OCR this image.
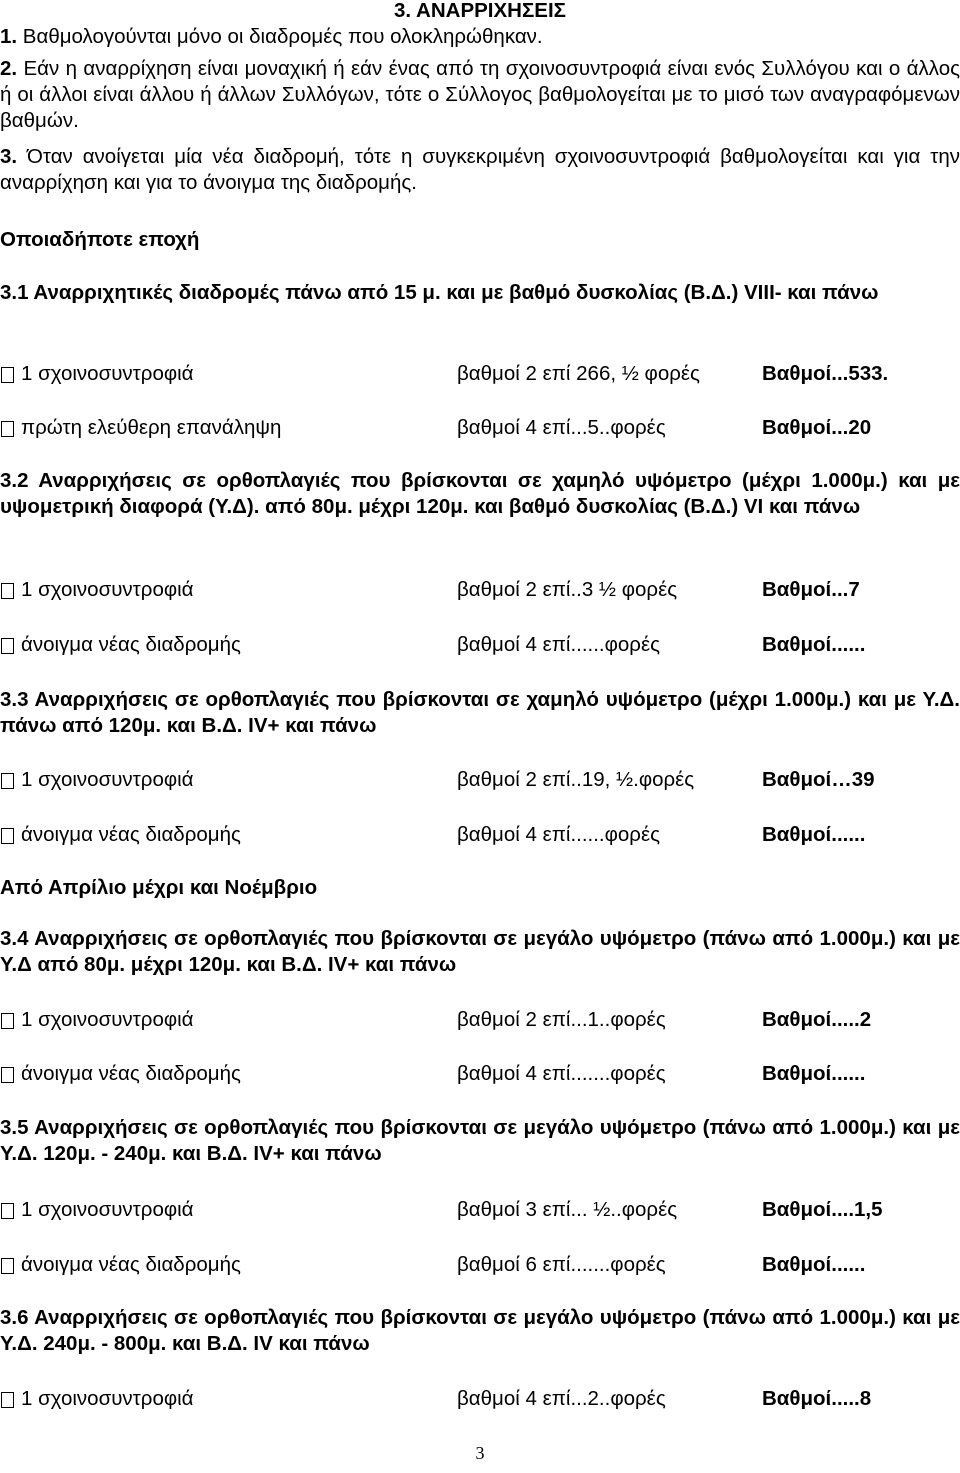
3. ΑΝΑΡΡΙΧΗΣΕΙΣ
1. Βαθμολογούνται μόνο οι διαδρομές που ολοκληρώθηκαν.
2. Εάν η αναρρίχηση είναι μοναχική ή εάν ένας από τη σχοινοσυντροφιά είναι ενός Συλλόγου και ο άλλος ή οι άλλοι είναι άλλου ή άλλων Συλλόγων, τότε ο Σύλλογος βαθμολογείται με το μισό των αναγραφόμενων βαθμών.
3. Όταν ανοίγεται μία νέα διαδρομή, τότε η συγκεκριμένη σχοινοσυντροφιά βαθμολογείται και για την αναρρίχηση και για το άνοιγμα της διαδρομής.
Οποιαδήποτε εποχή
3.1 Αναρριχητικές διαδρομές πάνω από 15 μ. και με βαθμό δυσκολίας (Β.Δ.) VIII- και πάνω
1 σχοινοσυντροφιά	βαθμοί 2 επί 266, ½ φορές	Βαθμοί...533.
πρώτη ελεύθερη επανάληψη	βαθμοί 4 επί...5..φορές	Βαθμοί...20
3.2 Αναρριχήσεις σε ορθοπλαγιές που βρίσκονται σε χαμηλό υψόμετρο (μέχρι 1.000μ.) και με υψομετρική διαφορά (Υ.Δ). από 80μ. μέχρι 120μ. και βαθμό δυσκολίας (Β.Δ.) VI και πάνω
1 σχοινοσυντροφιά	βαθμοί 2 επί..3 ½ φορές	Βαθμοί...7
άνοιγμα νέας διαδρομής	βαθμοί 4 επί......φορές	Βαθμοί......
3.3 Αναρριχήσεις σε ορθοπλαγιές που βρίσκονται σε χαμηλό υψόμετρο (μέχρι 1.000μ.) και με Υ.Δ. πάνω από 120μ. και Β.Δ. IV+ και πάνω
1 σχοινοσυντροφιά	βαθμοί 2 επί..19, ½.φορές	Βαθμοί…39
άνοιγμα νέας διαδρομής	βαθμοί 4 επί......φορές	Βαθμοί......
Από Απρίλιο μέχρι και Νοέμβριο
3.4 Αναρριχήσεις σε ορθοπλαγιές που βρίσκονται σε μεγάλο υψόμετρο (πάνω από 1.000μ.) και με Υ.Δ από 80μ. μέχρι 120μ. και Β.Δ. IV+ και πάνω
1 σχοινοσυντροφιά	βαθμοί 2 επί...1..φορές	Βαθμοί.....2
άνοιγμα νέας διαδρομής	βαθμοί 4 επί.......φορές	Βαθμοί......
3.5 Αναρριχήσεις σε ορθοπλαγιές που βρίσκονται σε μεγάλο υψόμετρο (πάνω από 1.000μ.) και με Υ.Δ. 120μ. - 240μ. και Β.Δ. IV+ και πάνω
1 σχοινοσυντροφιά	βαθμοί 3 επί... ½..φορές	Βαθμοί....1,5
άνοιγμα νέας διαδρομής	βαθμοί 6 επί.......φορές	Βαθμοί......
3.6 Αναρριχήσεις σε ορθοπλαγιές που βρίσκονται σε μεγάλο υψόμετρο (πάνω από 1.000μ.) και με Υ.Δ. 240μ. - 800μ. και Β.Δ. IV και πάνω
1 σχοινοσυντροφιά	βαθμοί 4 επί...2..φορές	Βαθμοί.....8
3
